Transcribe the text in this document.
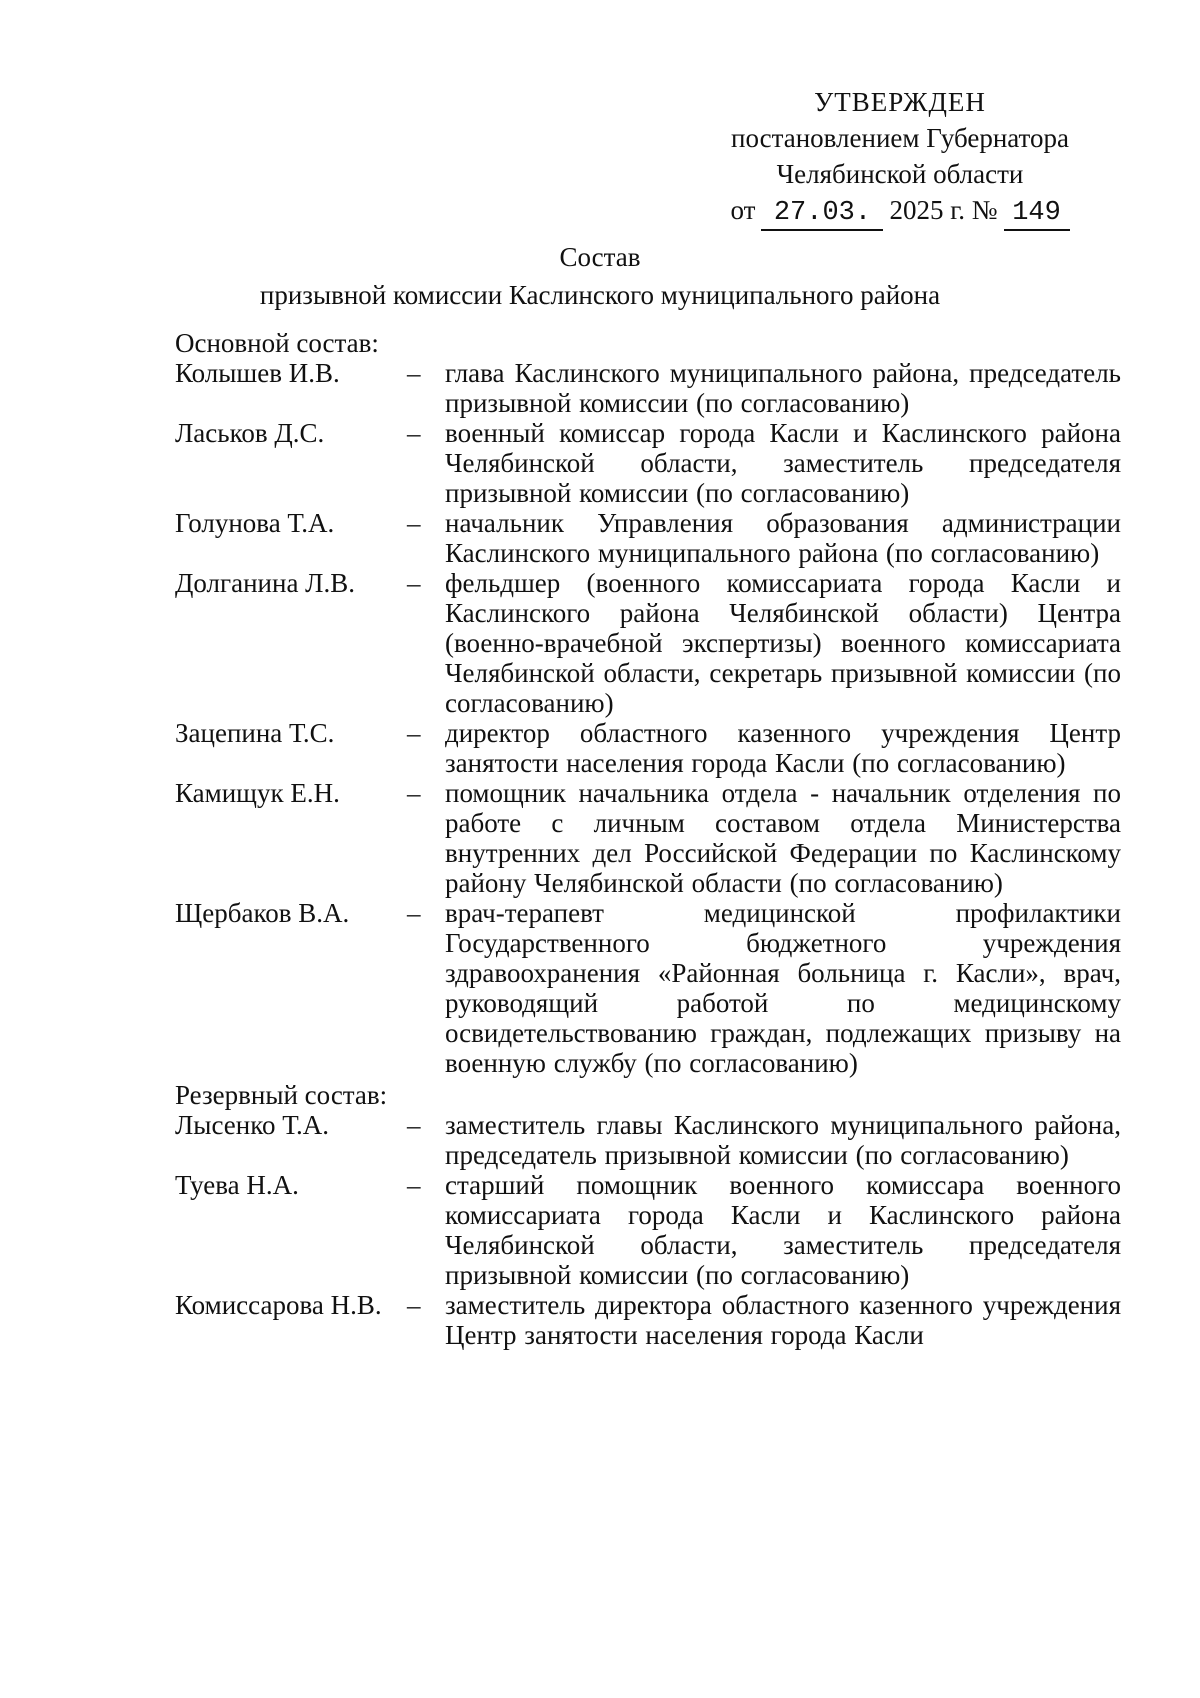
УТВЕРЖДЕН
постановлением Губернатора
Челябинской области
от 27.03. 2025 г. № 149
Состав
призывной комиссии Каслинского муниципального района
Основной состав:
Колышев И.В.	– глава Каслинского муниципального района, председатель призывной комиссии (по согласованию)
Ласьков Д.С.	– военный комиссар города Касли и Каслинского района Челябинской области, заместитель председателя призывной комиссии (по согласованию)
Голунова Т.А.	– начальник Управления образования администрации Каслинского муниципального района (по согласованию)
Долганина Л.В.	– фельдшер (военного комиссариата города Касли и Каслинского района Челябинской области) Центра (военно-врачебной экспертизы) военного комиссариата Челябинской области, секретарь призывной комиссии (по согласованию)
Зацепина Т.С.	– директор областного казенного учреждения Центр занятости населения города Касли (по согласованию)
Камищук Е.Н.	– помощник начальника отдела - начальник отделения по работе с личным составом отдела Министерства внутренних дел Российской Федерации по Каслинскому району Челябинской области (по согласованию)
Щербаков В.А.	– врач-терапевт медицинской профилактики Государственного бюджетного учреждения здравоохранения «Районная больница г. Касли», врач, руководящий работой по медицинскому освидетельствованию граждан, подлежащих призыву на военную службу (по согласованию)
Резервный состав:
Лысенко Т.А.	– заместитель главы Каслинского муниципального района, председатель призывной комиссии (по согласованию)
Туева Н.А.	– старший помощник военного комиссара военного комиссариата города Касли и Каслинского района Челябинской области, заместитель председателя призывной комиссии (по согласованию)
Комиссарова Н.В. – заместитель директора областного казенного учреждения Центр занятости населения города Касли
